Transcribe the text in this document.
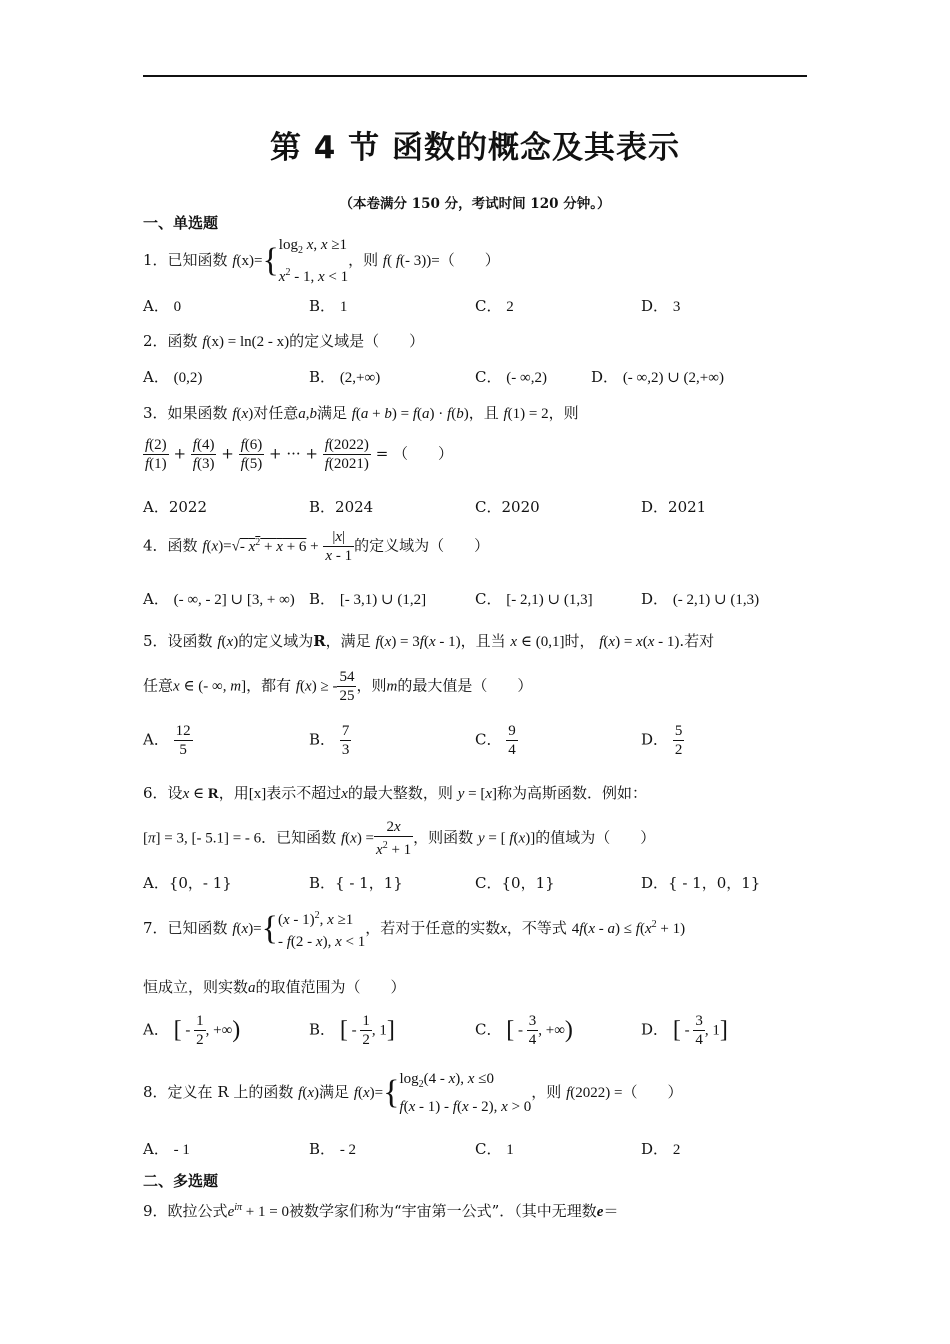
第 4 节 函数的概念及其表示
（本卷满分 150 分，考试时间 120 分钟。）
一、单选题
1．已知函数 $f(x)=\{\log_2$ x, x ≥1
$x^2 - 1$, x < 1，则 f( f(- 3))=（　　）
A． 0	B． 1	C． 2	D． 3
2．函数 f(x) = ln(2 - x)的定义域是（　　）
A． (0,2)	B． (2,+∞)	C． (- ∞,2)	D． (- ∞,2) ∪ (2,+∞)
3．如果函数 f(x)对任意a,b满足 f(a + b) = f(a) · f(b)，且 f(1) = 2，则
$\frac{f(2)}{f(1)} + \frac{f(4)}{f(3)} + \frac{f(6)}{f(5)}$ + ··· + $\frac{f(2022)}{f(2021)}$ = （　　）
A．2022	B．2024	C．2020	D．2021
4．函数 f(x)=√- $x^2 + x + 6 + \frac{|x|}{x - 1}$ 的定义域为（　　）
A． (- ∞, - 2] ∪ [3, + ∞) B． [- 3,1) ∪ (1,2]	C． [- 2,1) ∪ (1,3]	D． (- 2,1) ∪ (1,3)
5．设函数 f(x)的定义域为R，满足 f(x) = 3f(x - 1)，且当 x ∈ (0,1]时， f(x) = x(x - 1).若对
任意x ∈ (- ∞, m]，都有 f(x) ≥ - $\frac{54}{25}$ ，则m的最大值是（　　）
A． $\frac{12}{5}$	B． $\frac{7}{3}$	C． $\frac{9}{4}$	D． $\frac{5}{2}$
6．设x ∈ R，用[x]表示不超过x的最大整数，则 y = [x]称为高斯函数．例如：
[π] = 3, [- 5.1] = - 6．已知函数 $f(x) = \frac{2x}{x^2 + 1}$ ，则函数 y = [ f(x)]的值域为（　　）
A．{0，- 1}	B．{ - 1，1}	C．{0，1}	D．{ - 1，0，1}
7．已知函数 f(x)={(x - 1)$^2$, x ≥1
- f(2 - x), x < 1，若对于任意的实数x，不等式 $4f(x - a) \le f(x^2 + 1)$
恒成立，则实数a的取值范围为（　　）
A． [ - $\frac{1}{2}$ , +∞)	B． [ - $\frac{1}{2}$ , 1]	C． [ - $\frac{3}{4}$ , +∞)	D． [ - $\frac{3}{4}$ , 1]
8．定义在 R 上的函数 f(x)满足 $f(x)=\{\log_2(4 - x)$, x ≤0
f(x - 1) - f(x - 2), x > 0，则 f(2022) =（　　）
A． - 1	B． - 2	C． 1	D． 2
二、多选题
9．欧拉公式$e^{i\pi} + 1 = 0$被数学家们称为“宇宙第一公式”．（其中无理数e＝
